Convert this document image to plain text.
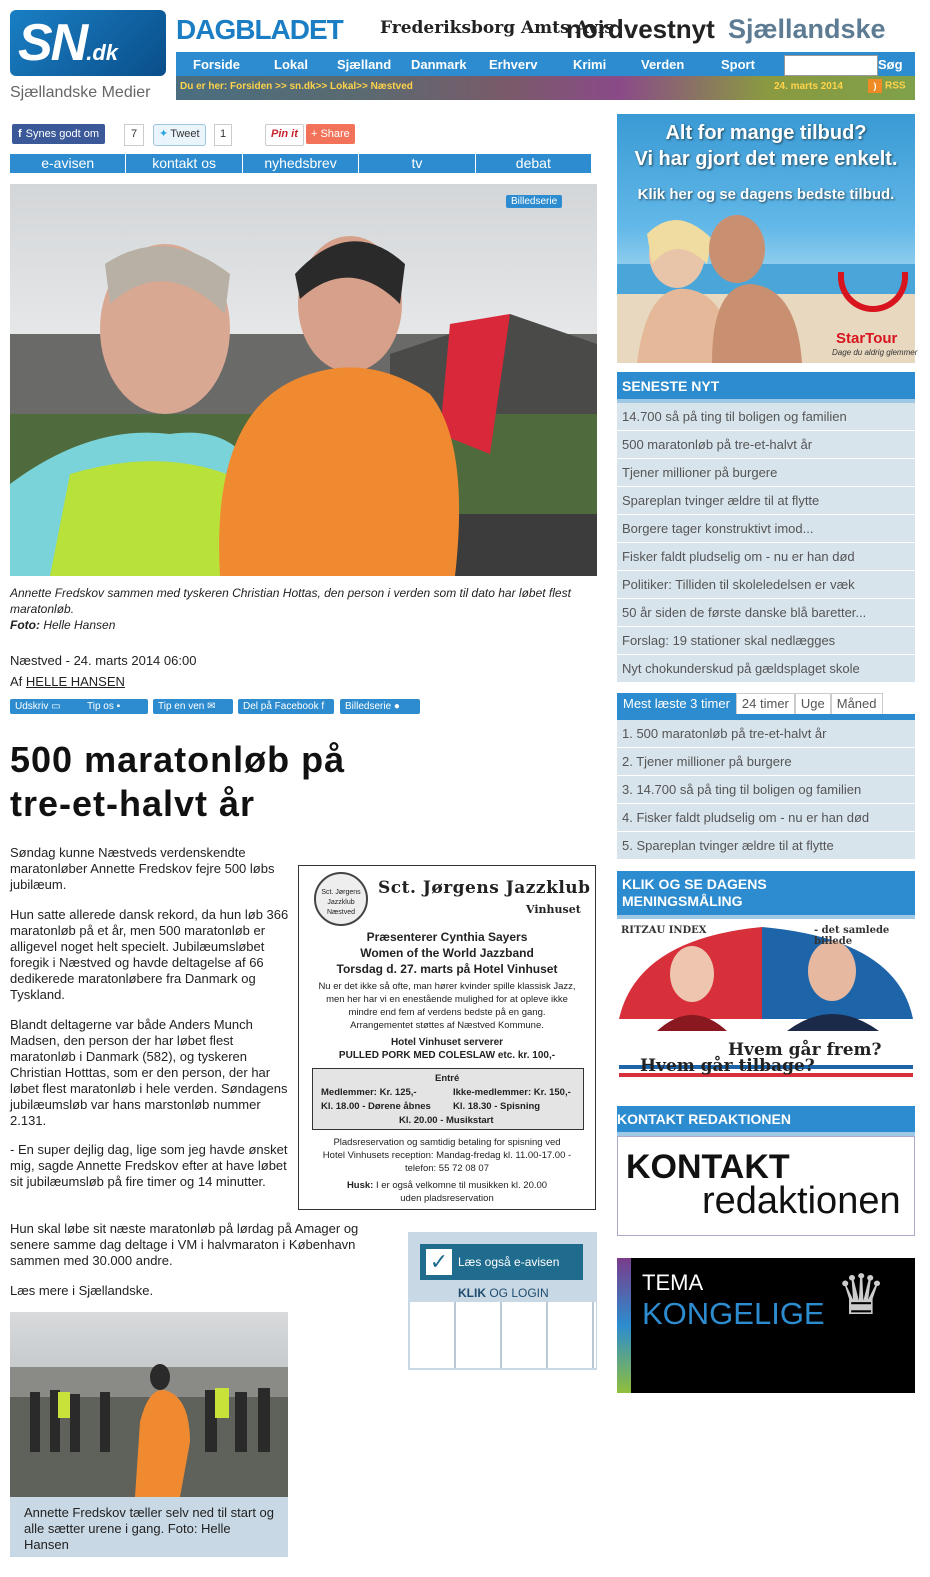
SN.dk
Sjællandske Medier
DAGBLADET Frederiksborg Amts Avis
nordvestnyt Sjællandske
Forside	Lokal Sjælland Danmark Erhverv	Krimi	Verden	Sport	Søg
Du er her: Forsiden >> sn.dk>> Lokal>> Næstved	24. marts 2014	) RSS
f Synes godt om	7	✦ Tweet	1	Pin it	+ Share
e-avisen	kontakt os	nyhedsbrev	tv	debat
Billedserie
Annette Fredskov sammen med tyskeren Christian Hottas, den person i verden som til dato har løbet flest maratonløb.
Foto: Helle Hansen
Næstved - 24. marts 2014 06:00
Af HELLE HANSEN
Udskriv ▭	Tip os ▪	Tip en ven ✉	Del på Facebook f	Billedserie ●
500 maratonløb på
tre-et-halvt år
Søndag kunne Næstveds verdenskendte maratonløber Annette Fredskov fejre 500 løbs jubilæum.
Hun satte allerede dansk rekord, da hun løb 366 maratonløb på et år, men 500 maratonløb er alligevel noget helt specielt. Jubilæumsløbet foregik i Næstved og havde deltagelse af 66 dedikerede maratonløbere fra Danmark og Tyskland.
Blandt deltagerne var både Anders Munch Madsen, den person der har løbet flest maratonløb i Danmark (582), og tyskeren Christian Hotttas, som er den person, der har løbet flest maratonløb i hele verden. Søndagens jubilæumsløb var hans marstonløb nummer 2.131.
- En super dejlig dag, lige som jeg havde ønsket mig, sagde Annette Fredskov efter at have løbet sit jubilæumsløb på fire timer og 14 minutter.
Hun skal løbe sit næste maratonløb på lørdag på Amager og senere samme dag deltage i VM i halvmaraton i København sammen med 30.000 andre.
Læs mere i Sjællandske.
Sct. Jørgens Jazzklub Næstved
Sct. Jørgens Jazzklub
Vinhuset
Præsenterer Cynthia Sayers
Women of the World Jazzband
Torsdag d. 27. marts på Hotel Vinhuset
Nu er det ikke så ofte, man hører kvinder spille klassisk Jazz,
men her har vi en enestående mulighed for at opleve ikke
mindre end fem af verdens bedste på en gang.
Arrangementet støttes af Næstved Kommune.
Hotel Vinhuset serverer
PULLED PORK MED COLESLAW etc. kr. 100,-
Entré
Medlemmer: Kr. 125,-
Kl. 18.00 - Dørene åbnes
Ikke-medlemmer: Kr. 150,-
Kl. 18.30 - Spisning
Kl. 20.00 - Musikstart
Pladsreservation og samtidig betaling for spisning ved
Hotel Vinhusets reception: Mandag-fredag kl. 11.00-17.00 -
telefon: 55 72 08 07
Husk: I er også velkomne til musikken kl. 20.00
uden pladsreservation
Læs også e-avisen
✓
KLIK OG LOGIN
Annette Fredskov tæller selv ned til start og alle sætter urene i gang. Foto: Helle Hansen
Alt for mange tilbud?
Vi har gjort det mere enkelt.
Klik her og se dagens bedste tilbud.
StarTour
Dage du aldrig glemmer
SENESTE NYT
14.700 så på ting til boligen og familien
500 maratonløb på tre-et-halvt år
Tjener millioner på burgere
Spareplan tvinger ældre til at flytte
Borgere tager konstruktivt imod...
Fisker faldt pludselig om - nu er han død
Politiker: Tilliden til skoleledelsen er væk
50 år siden de første danske blå baretter...
Forslag: 19 stationer skal nedlægges
Nyt chokunderskud på gældsplaget skole
Mest læste 3 timer 24 timer Uge Måned
1. 500 maratonløb på tre-et-halvt år
2. Tjener millioner på burgere
3. 14.700 så på ting til boligen og familien
4. Fisker faldt pludselig om - nu er han død
5. Spareplan tvinger ældre til at flytte
KLIK OG SE DAGENS
MENINGSMÅLING
RITZAU INDEX	- det samlede billede
Hvem går frem?
Hvem går tilbage?
KONTAKT REDAKTIONEN
KONTAKT
redaktionen
TEMA
KONGELIGE ♛
